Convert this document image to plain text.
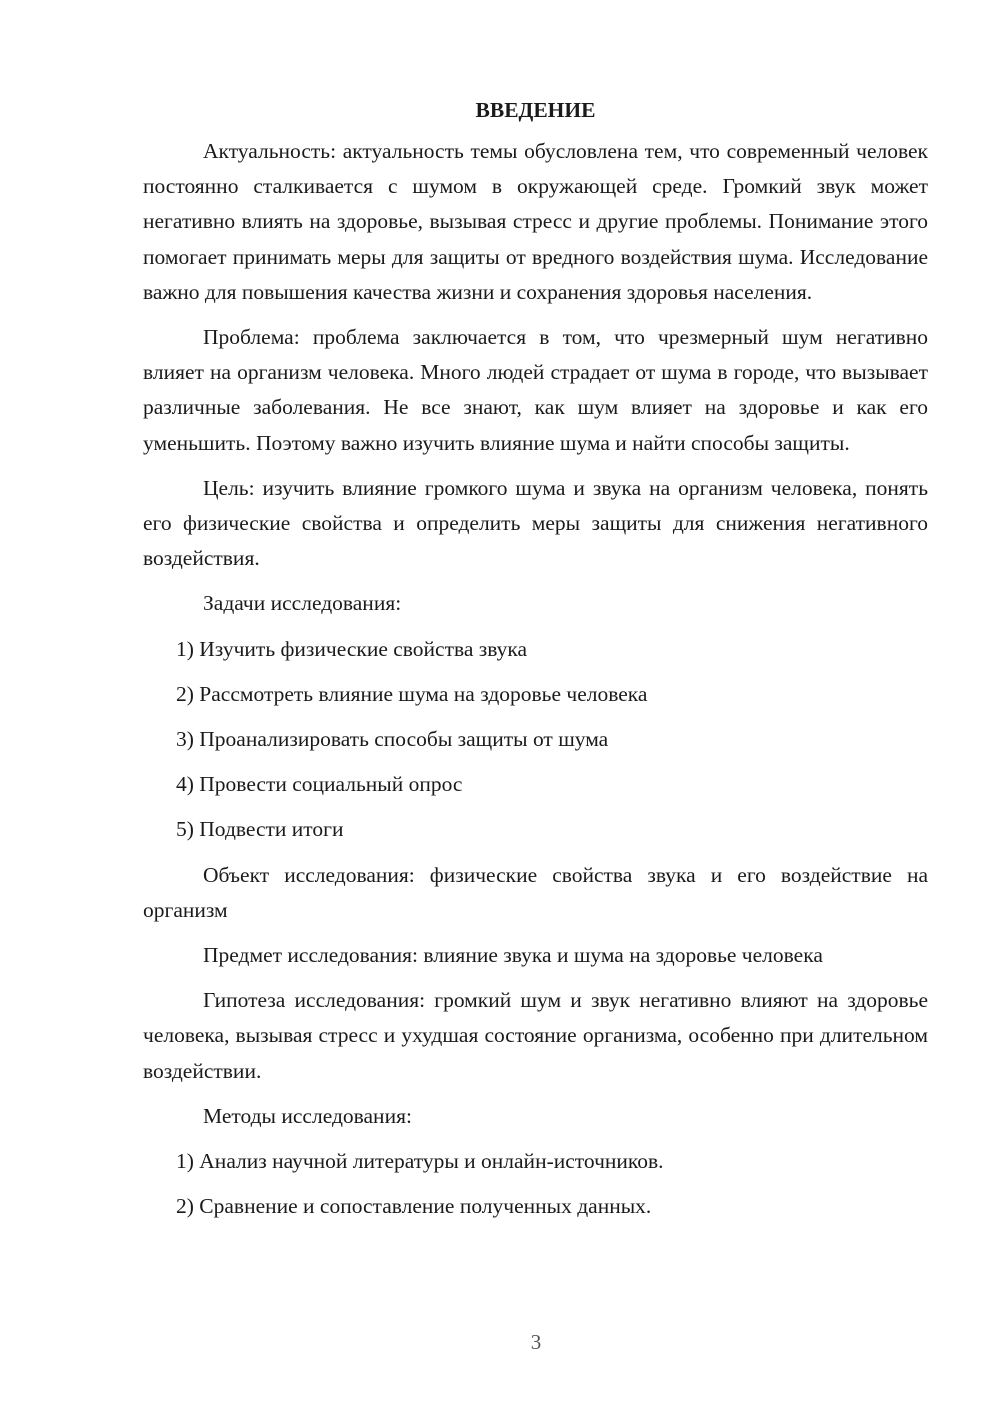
ВВЕДЕНИЕ

Актуальность: актуальность темы обусловлена тем, что современный человек постоянно сталкивается с шумом в окружающей среде. Громкий звук может негативно влиять на здоровье, вызывая стресс и другие проблемы. Понимание этого помогает принимать меры для защиты от вредного воздействия шума. Исследование важно для повышения качества жизни и сохранения здоровья населения.

Проблема: проблема заключается в том, что чрезмерный шум негативно влияет на организм человека. Много людей страдает от шума в городе, что вызывает различные заболевания. Не все знают, как шум влияет на здоровье и как его уменьшить. Поэтому важно изучить влияние шума и найти способы защиты.

Цель: изучить влияние громкого шума и звука на организм человека, понять его физические свойства и определить меры защиты для снижения негативного воздействия.

Задачи исследования:

1) Изучить физические свойства звука

2) Рассмотреть влияние шума на здоровье человека

3) Проанализировать способы защиты от шума

4) Провести социальный опрос

5) Подвести итоги

Объект исследования: физические свойства звука и его воздействие на организм

Предмет исследования: влияние звука и шума на здоровье человека

Гипотеза исследования: громкий шум и звук негативно влияют на здоровье человека, вызывая стресс и ухудшая состояние организма, особенно при длительном воздействии.

Методы исследования:

1) Анализ научной литературы и онлайн-источников.

2) Сравнение и сопоставление полученных данных.

3
